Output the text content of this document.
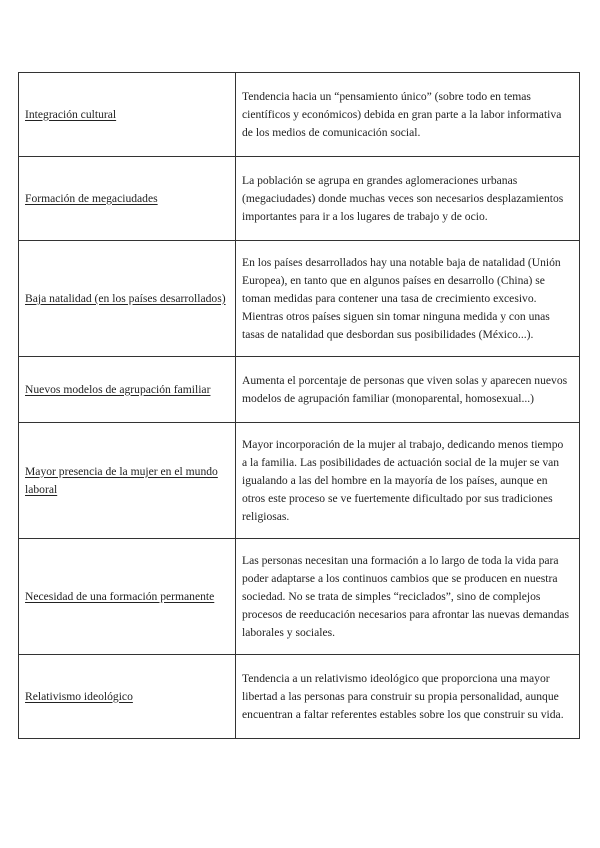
Integración cultural	Tendencia hacia un “pensamiento único” (sobre todo en temas científicos y económicos) debida en gran parte a la labor informativa de los medios de comunicación social.
Formación de megaciudades	La población se agrupa en grandes aglomeraciones urbanas (megaciudades) donde muchas veces son necesarios desplazamientos importantes para ir a los lugares de trabajo y de ocio.
Baja natalidad (en los países desarrollados)	En los países desarrollados hay una notable baja de natalidad (Unión Europea), en tanto que en algunos países en desarrollo (China) se toman medidas para contener una tasa de crecimiento excesivo. Mientras otros países siguen sin tomar ninguna medida y con unas tasas de natalidad que desbordan sus posibilidades (México...).
Nuevos modelos de agrupación familiar	Aumenta el porcentaje de personas que viven solas y aparecen nuevos modelos de agrupación familiar (monoparental, homosexual...)
Mayor presencia de la mujer en el mundo laboral	Mayor incorporación de la mujer al trabajo, dedicando menos tiempo a la familia. Las posibilidades de actuación social de la mujer se van igualando a las del hombre en la mayoría de los países, aunque en otros este proceso se ve fuertemente dificultado por sus tradiciones religiosas.
Necesidad de una formación permanente	Las personas necesitan una formación a lo largo de toda la vida para poder adaptarse a los continuos cambios que se producen en nuestra sociedad. No se trata de simples “reciclados”, sino de complejos procesos de reeducación necesarios para afrontar las nuevas demandas laborales y sociales.
Relativismo ideológico	Tendencia a un relativismo ideológico que proporciona una mayor libertad a las personas para construir su propia personalidad, aunque encuentran a faltar referentes estables sobre los que construir su vida.
